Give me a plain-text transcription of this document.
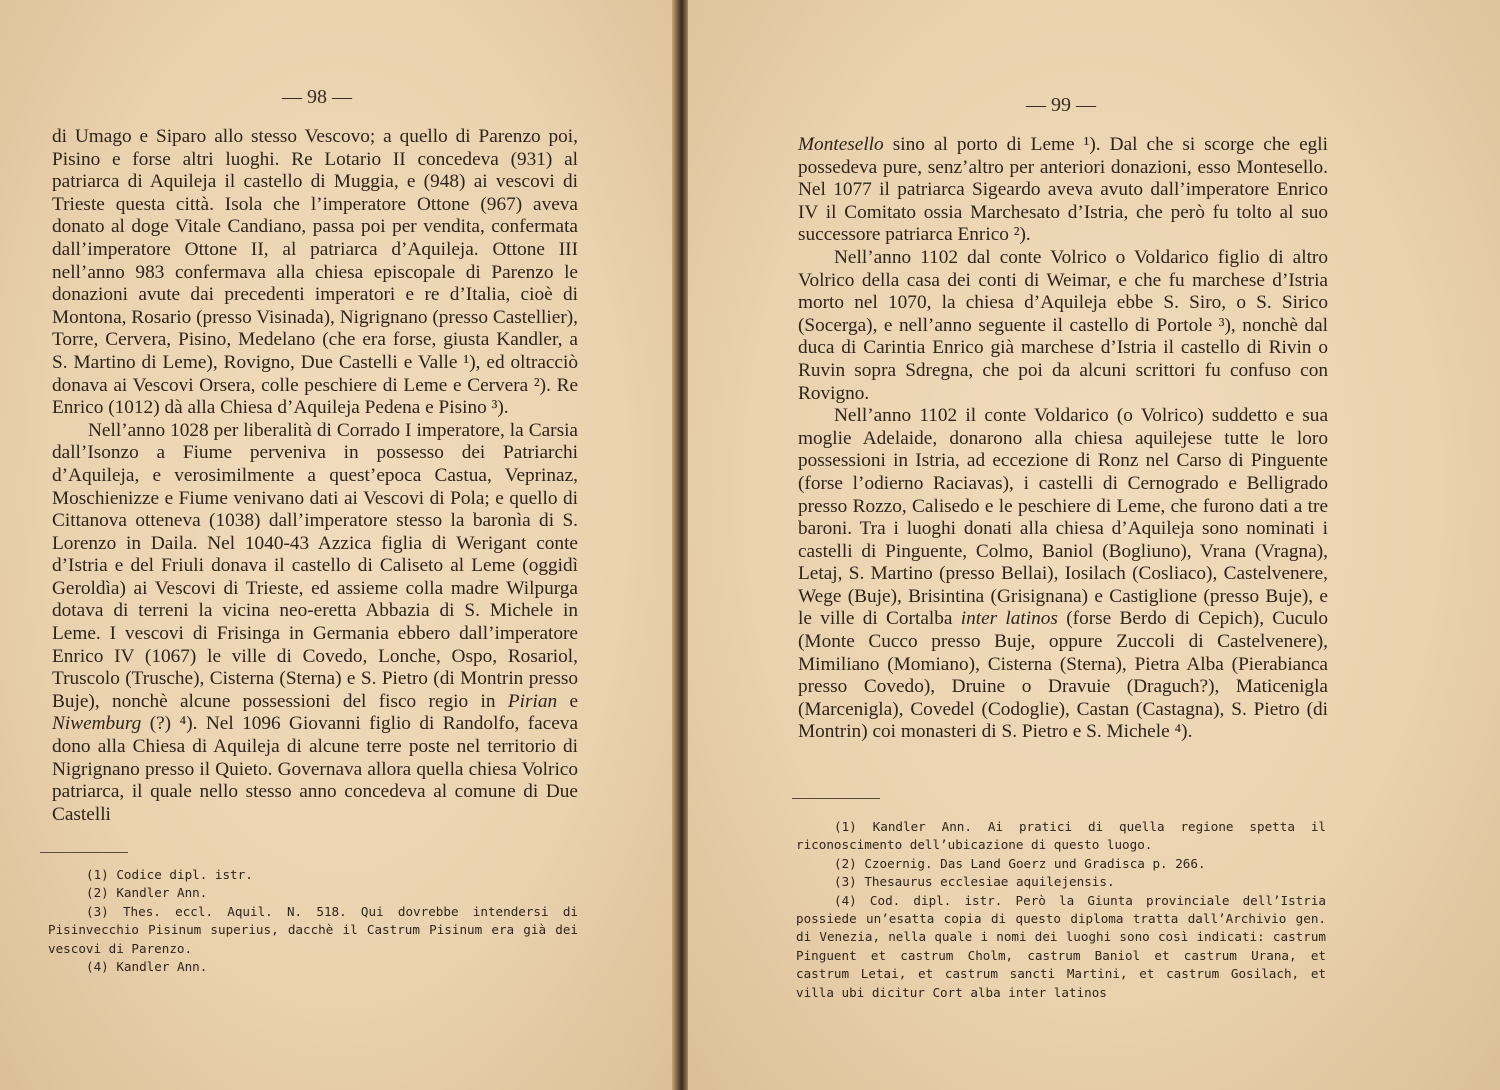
— 98 —

di Umago e Siparo allo stesso Vescovo; a quello di Parenzo poi, Pisino e forse altri luoghi. Re Lotario II concedeva (931) al patriarca di Aquileja il castello di Muggia, e (948) ai vescovi di Trieste questa città. Isola che l’imperatore Ottone (967) aveva donato al doge Vitale Candiano, passa poi per vendita, confermata dall’imperatore Ottone II, al patriarca d’Aquileja. Ottone III nell’anno 983 confermava alla chiesa episcopale di Parenzo le donazioni avute dai precedenti imperatori e re d’Italia, cioè di Montona, Rosario (presso Visinada), Nigrignano (presso Castellier), Torre, Cervera, Pisino, Medelano (che era forse, giusta Kandler, a S. Martino di Leme), Rovigno, Due Castelli e Valle ¹), ed oltracciò donava ai Vescovi Orsera, colle peschiere di Leme e Cervera ²). Re Enrico (1012) dà alla Chiesa d’Aquileja Pedena e Pisino ³).

Nell’anno 1028 per liberalità di Corrado I imperatore, la Carsia dall’Isonzo a Fiume perveniva in possesso dei Patriarchi d’Aquileja, e verosimilmente a quest’epoca Castua, Veprinaz, Moschienizze e Fiume venivano dati ai Vescovi di Pola; e quello di Cittanova otteneva (1038) dall’imperatore stesso la baronìa di S. Lorenzo in Daila. Nel 1040-43 Azzica figlia di Werigant conte d’Istria e del Friuli donava il castello di Caliseto al Leme (oggidì Geroldìa) ai Vescovi di Trieste, ed assieme colla madre Wilpurga dotava di terreni la vicina neo-eretta Abbazia di S. Michele in Leme. I vescovi di Frisinga in Germania ebbero dall’imperatore Enrico IV (1067) le ville di Covedo, Lonche, Ospo, Rosariol, Truscolo (Trusche), Cisterna (Sterna) e S. Pietro (di Montrin presso Buje), nonchè alcune possessioni del fisco regio in Pirian e Niwemburg (?) ⁴). Nel 1096 Giovanni figlio di Randolfo, faceva dono alla Chiesa di Aquileja di alcune terre poste nel territorio di Nigrignano presso il Quieto. Governava allora quella chiesa Volrico patriarca, il quale nello stesso anno concedeva al comune di Due Castelli

(1) Codice dipl. istr.

(2) Kandler Ann.

(3) Thes. eccl. Aquil. N. 518. Qui dovrebbe intendersi di Pisinvecchio Pisinum superius, dacchè il Castrum Pisinum era già dei vescovi di Parenzo.

(4) Kandler Ann.

— 99 —

Montesello sino al porto di Leme ¹). Dal che si scorge che egli possedeva pure, senz’altro per anteriori donazioni, esso Montesello. Nel 1077 il patriarca Sigeardo aveva avuto dall’imperatore Enrico IV il Comitato ossia Marchesato d’Istria, che però fu tolto al suo successore patriarca Enrico ²).

Nell’anno 1102 dal conte Volrico o Voldarico figlio di altro Volrico della casa dei conti di Weimar, e che fu marchese d’Istria morto nel 1070, la chiesa d’Aquileja ebbe S. Siro, o S. Sirico (Socerga), e nell’anno seguente il castello di Portole ³), nonchè dal duca di Carintia Enrico già marchese d’Istria il castello di Rivin o Ruvin sopra Sdregna, che poi da alcuni scrittori fu confuso con Rovigno.

Nell’anno 1102 il conte Voldarico (o Volrico) suddetto e sua moglie Adelaide, donarono alla chiesa aquilejese tutte le loro possessioni in Istria, ad eccezione di Ronz nel Carso di Pinguente (forse l’odierno Raciavas), i castelli di Cernogrado e Belligrado presso Rozzo, Calisedo e le peschiere di Leme, che furono dati a tre baroni. Tra i luoghi donati alla chiesa d’Aquileja sono nominati i castelli di Pinguente, Colmo, Baniol (Bogliuno), Vrana (Vragna), Letaj, S. Martino (presso Bellai), Iosilach (Cosliaco), Castelvenere, Wege (Buje), Brisintina (Grisignana) e Castiglione (presso Buje), e le ville di Cortalba inter latinos (forse Berdo di Cepich), Cuculo (Monte Cucco presso Buje, oppure Zuccoli di Castelvenere), Mimiliano (Momiano), Cisterna (Sterna), Pietra Alba (Pierabianca presso Covedo), Druine o Dravuie (Draguch?), Maticenigla (Marcenigla), Covedel (Codoglie), Castan (Castagna), S. Pietro (di Montrin) coi monasteri di S. Pietro e S. Michele ⁴).

(1) Kandler Ann. Ai pratici di quella regione spetta il riconoscimento dell’ubicazione di questo luogo.

(2) Czoernig. Das Land Goerz und Gradisca p. 266.

(3) Thesaurus ecclesiae aquilejensis.

(4) Cod. dipl. istr. Però la Giunta provinciale dell’Istria possiede un’esatta copia di questo diploma tratta dall’Archivio gen. di Venezia, nella quale i nomi dei luoghi sono così indicati: castrum Pinguent et castrum Cholm, castrum Baniol et castrum Urana, et castrum Letai, et castrum sancti Martini, et castrum Gosilach, et villa ubi dicitur Cort alba inter latinos
